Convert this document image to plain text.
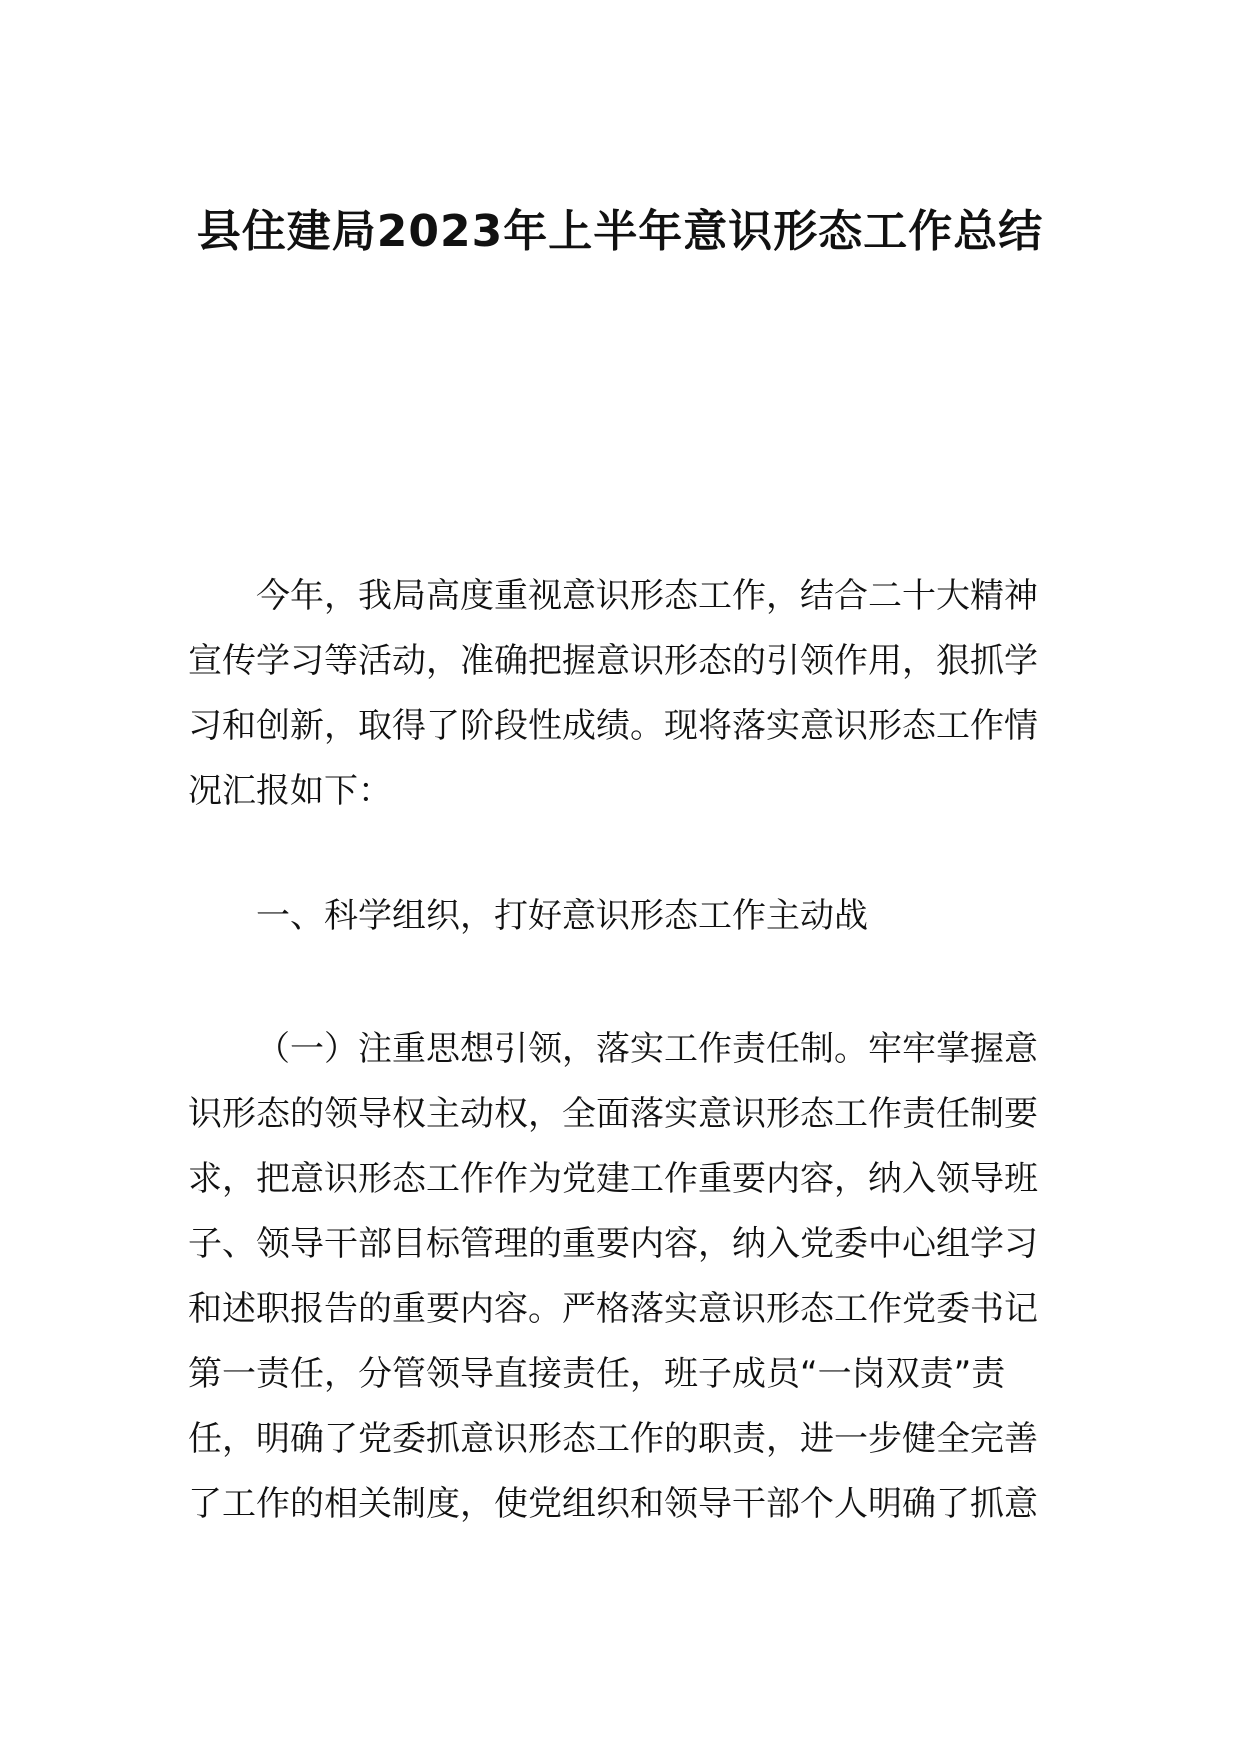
县住建局2023年上半年意识形态工作总结
今年，我局高度重视意识形态工作，结合二十大精神
宣传学习等活动，准确把握意识形态的引领作用，狠抓学
习和创新，取得了阶段性成绩。现将落实意识形态工作情
况汇报如下：
一、科学组织，打好意识形态工作主动战
（一）注重思想引领，落实工作责任制。牢牢掌握意
识形态的领导权主动权，全面落实意识形态工作责任制要
求，把意识形态工作作为党建工作重要内容，纳入领导班
子、领导干部目标管理的重要内容，纳入党委中心组学习
和述职报告的重要内容。严格落实意识形态工作党委书记
第一责任，分管领导直接责任，班子成员“一岗双责”责
任，明确了党委抓意识形态工作的职责，进一步健全完善
了工作的相关制度，使党组织和领导干部个人明确了抓意
